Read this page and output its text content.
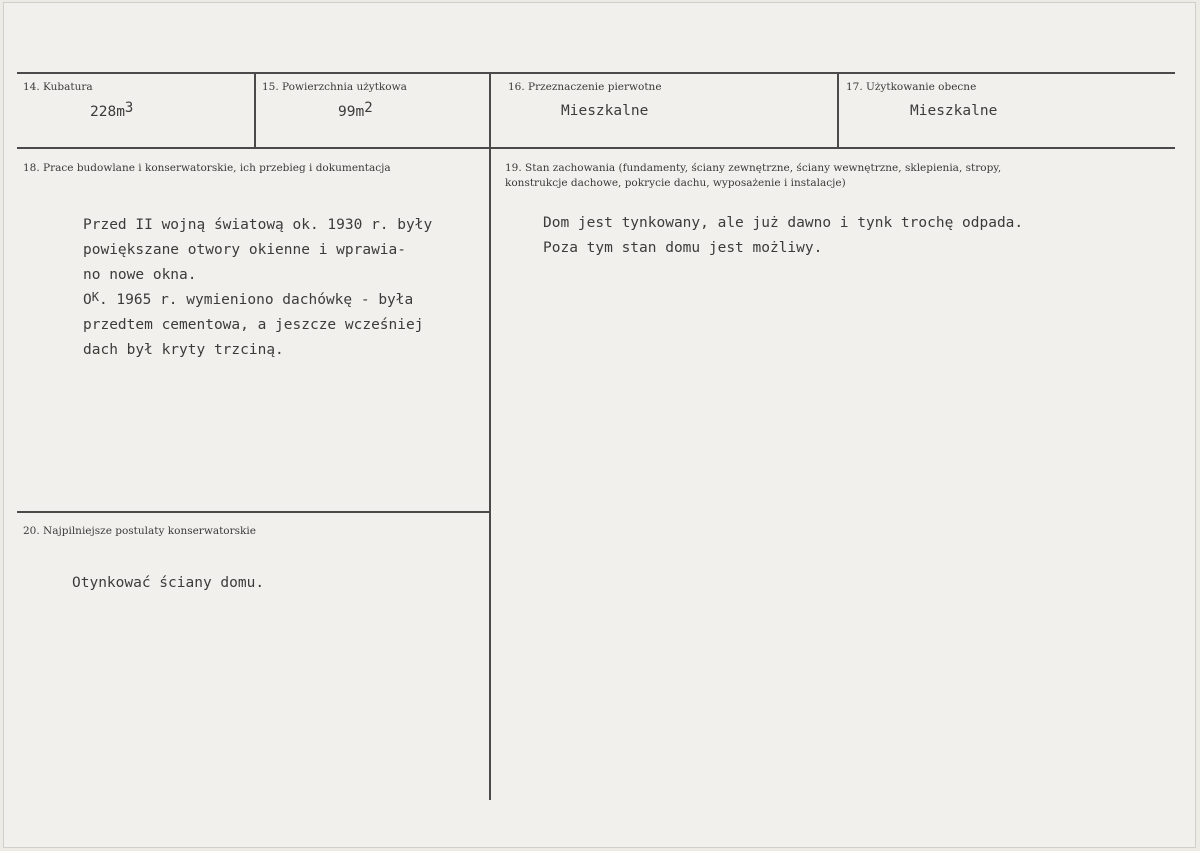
14. Kubatura
$228m^3$
15. Powierzchnia użytkowa
$99m^2$
16. Przeznaczenie pierwotne
Mieszkalne
17. Użytkowanie obecne
Mieszkalne
18. Prace budowlane i konserwatorskie, ich przebieg i dokumentacja
Przed II wojną światową ok. 1930 r. były
powiększane otwory okienne i wprawia-
no nowe okna.
$O^K$. 1965 r. wymieniono dachówkę - była
przedtem cementowa, a jeszcze wcześniej
dach był kryty trzciną.
19. Stan zachowania (fundamenty, ściany zewnętrzne, ściany wewnętrzne, sklepienia, stropy,
konstrukcje dachowe, pokrycie dachu, wyposażenie i instalacje)
Dom jest tynkowany, ale już dawno i tynk trochę odpada.
Poza tym stan domu jest możliwy.
20. Najpilniejsze postulaty konserwatorskie
Otynkować ściany domu.
